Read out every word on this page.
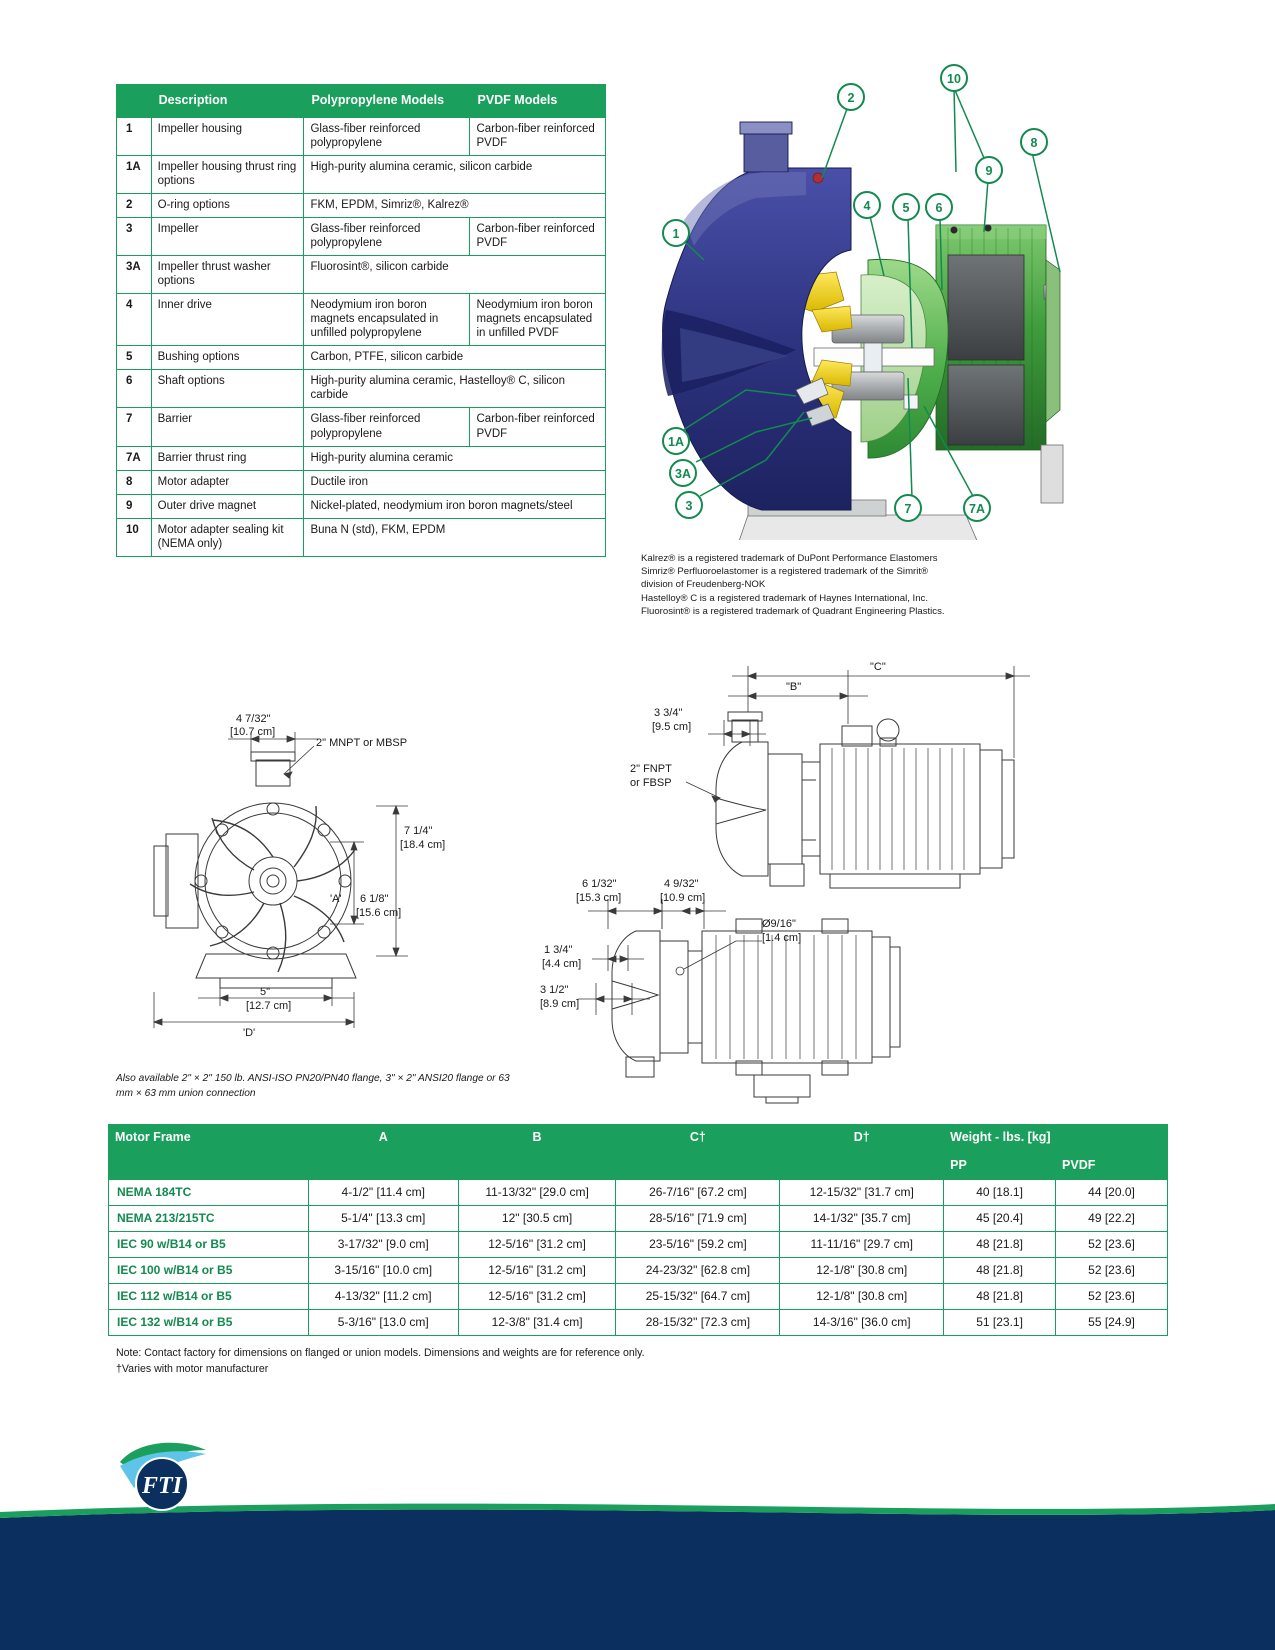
	Description	Polypropylene Models	PVDF Models
1	Impeller housing	Glass-fiber reinforced polypropylene	Carbon-fiber reinforced PVDF
1A	Impeller housing thrust ring options	High-purity alumina ceramic, silicon carbide	
2	O-ring options	FKM, EPDM, Simriz®, Kalrez®	
3	Impeller	Glass-fiber reinforced polypropylene	Carbon-fiber reinforced PVDF
3A	Impeller thrust washer options	Fluorosint®, silicon carbide	
4	Inner drive	Neodymium iron boron magnets encapsulated in unfilled polypropylene	Neodymium iron boron magnets encapsulated in unfilled PVDF
5	Bushing options	Carbon, PTFE, silicon carbide	
6	Shaft options	High-purity alumina ceramic, Hastelloy® C, silicon carbide	
7	Barrier	Glass-fiber reinforced polypropylene	Carbon-fiber reinforced PVDF
7A	Barrier thrust ring	High-purity alumina ceramic	
8	Motor adapter	Ductile iron	
9	Outer drive magnet	Nickel-plated, neodymium iron boron magnets/steel	
10	Motor adapter sealing kit (NEMA only)	Buna N (std), FKM, EPDM	
1
1A
2
3
3A
4	5 6
7	7A
8
9
10
Kalrez® is a registered trademark of DuPont Performance Elastomers
Simriz® Perfluoroelastomer is a registered trademark of the Simrit®
division of Freudenberg-NOK
Hastelloy® C is a registered trademark of Haynes International, Inc.
Fluorosint® is a registered trademark of Quadrant Engineering Plastics.
4 7/32"
[10.7 cm]
2" MNPT or MBSP
7 1/4"
[18.4 cm]
'A' 6 1/8"
[15.6 cm]
5"
[12.7 cm]
'D'
"B"
"C"
3 3/4"
[9.5 cm]
2" FNPT
or FBSP
6 1/32"
[15.3 cm]
4 9/32"
[10.9 cm]
Ø9/16"
[1.4 cm]
1 3/4"
[4.4 cm]
3 1/2"
[8.9 cm]
Also available 2" × 2" 150 lb. ANSI-ISO PN20/PN40 flange, 3" × 2" ANSI20 flange or 63 mm × 63 mm union connection
Motor Frame	A	B	C†	D†	Weight - lbs. [kg]	
					PP	PVDF
NEMA 184TC	4-1/2" [11.4 cm]	11-13/32" [29.0 cm]	26-7/16" [67.2 cm]	12-15/32" [31.7 cm]	40 [18.1]	44 [20.0]
NEMA 213/215TC	5-1/4" [13.3 cm]	12" [30.5 cm]	28-5/16" [71.9 cm]	14-1/32" [35.7 cm]	45 [20.4]	49 [22.2]
IEC 90 w/B14 or B5	3-17/32" [9.0 cm]	12-5/16" [31.2 cm]	23-5/16" [59.2 cm]	11-11/16" [29.7 cm]	48 [21.8]	52 [23.6]
IEC 100 w/B14 or B5	3-15/16" [10.0 cm]	12-5/16" [31.2 cm]	24-23/32" [62.8 cm]	12-1/8" [30.8 cm]	48 [21.8]	52 [23.6]
IEC 112 w/B14 or B5	4-13/32" [11.2 cm]	12-5/16" [31.2 cm]	25-15/32" [64.7 cm]	12-1/8" [30.8 cm]	48 [21.8]	52 [23.6]
IEC 132 w/B14 or B5	5-3/16" [13.0 cm]	12-3/8" [31.4 cm]	28-15/32" [72.3 cm]	14-3/16" [36.0 cm]	51 [23.1]	55 [24.9]
Note: Contact factory for dimensions on flanged or union models. Dimensions and weights are for reference only.
†Varies with motor manufacturer
FTI
921 Greengarden Road • Erie, PA 16501-1591 U.S.A • Ph 814-455-4478 • Fax 814-455-8518
E-mail fti@finishthompson.com • www.finishthompson.com	FT08-1018B
